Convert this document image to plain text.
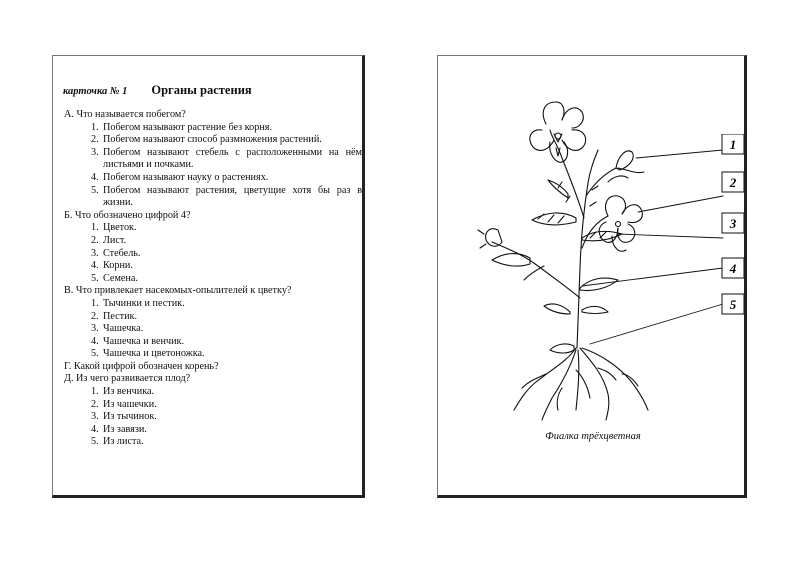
карточка № 1 Органы растения
А. Что называется побегом?
1. Побегом называют растение без корня.
2. Побегом называют способ размножения растений.
3. Побегом называют стебель с расположенными на нём листьями и почками.
4. Побегом называют науку о растениях.
5. Побегом называют растения, цветущие хотя бы раз в жизни.
Б. Что обозначено цифрой 4?
1. Цветок.
2. Лист.
3. Стебель.
4. Корни.
5. Семена.
В. Что привлекает насекомых-опылителей к цветку?
1. Тычинки и пестик.
2. Пестик.
3. Чашечка.
4. Чашечка и венчик.
5. Чашечка и цветоножка.
Г. Какой цифрой обозначен корень?
Д. Из чего развивается плод?
1. Из венчика.
2. Из чашечки.
3. Из тычинок.
4. Из завязи.
5. Из листа.
1
2
3
4
5
Фиалка трёхцветная
